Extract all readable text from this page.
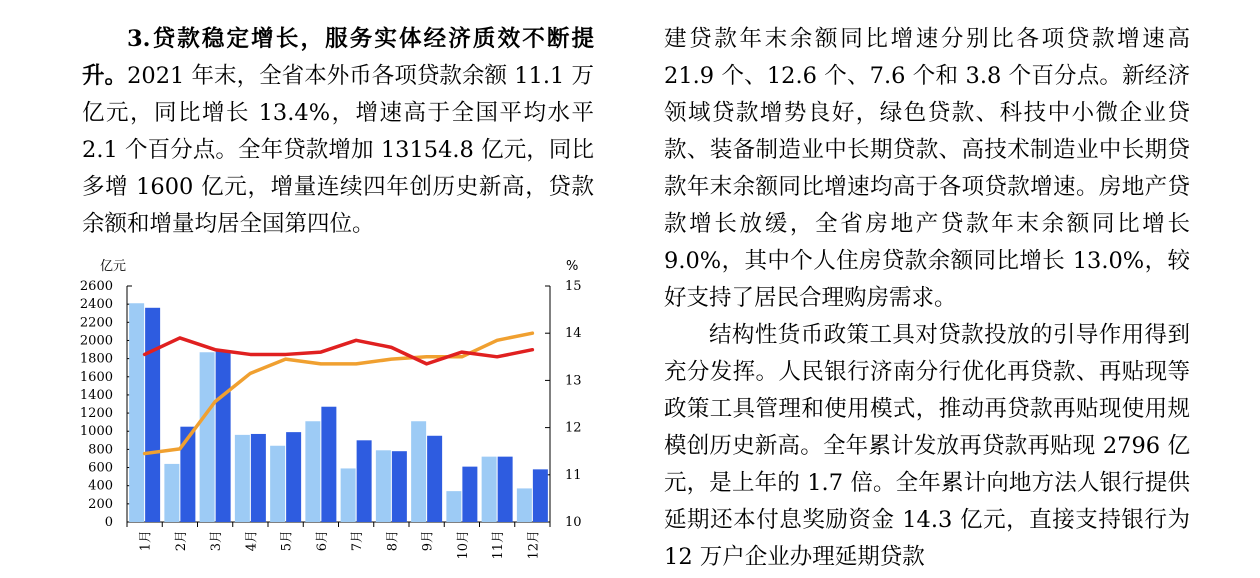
3.贷款稳定增长，服务实体经济质效不断提升。2021 年末，全省本外币各项贷款余额 11.1 万亿元，同比增长 13.4%，增速高于全国平均水平 2.1 个百分点。全年贷款增加 13154.8 亿元，同比多增 1600 亿元，增量连续四年创历史新高，贷款余额和增量均居全国第四位。

亿元	%
0
200
400
600
800
1000
1200
1400
1600
1800
2000
2200
2400
2600
10
11
12
13
14
15
1月 2月 3月 4月 5月 6月 7月 8月 9月 10月 11月 12月

建贷款年末余额同比增速分别比各项贷款增速高 21.9 个、12.6 个、7.6 个和 3.8 个百分点。新经济领域贷款增势良好，绿色贷款、科技中小微企业贷款、装备制造业中长期贷款、高技术制造业中长期贷款年末余额同比增速均高于各项贷款增速。房地产贷款增长放缓，全省房地产贷款年末余额同比增长 9.0%，其中个人住房贷款余额同比增长 13.0%，较好支持了居民合理购房需求。

结构性货币政策工具对贷款投放的引导作用得到充分发挥。人民银行济南分行优化再贷款、再贴现等政策工具管理和使用模式，推动再贷款再贴现使用规模创历史新高。全年累计发放再贷款再贴现 2796 亿元，是上年的 1.7 倍。全年累计向地方法人银行提供延期还本付息奖励资金 14.3 亿元，直接支持银行为 12 万户企业办理延期贷款
